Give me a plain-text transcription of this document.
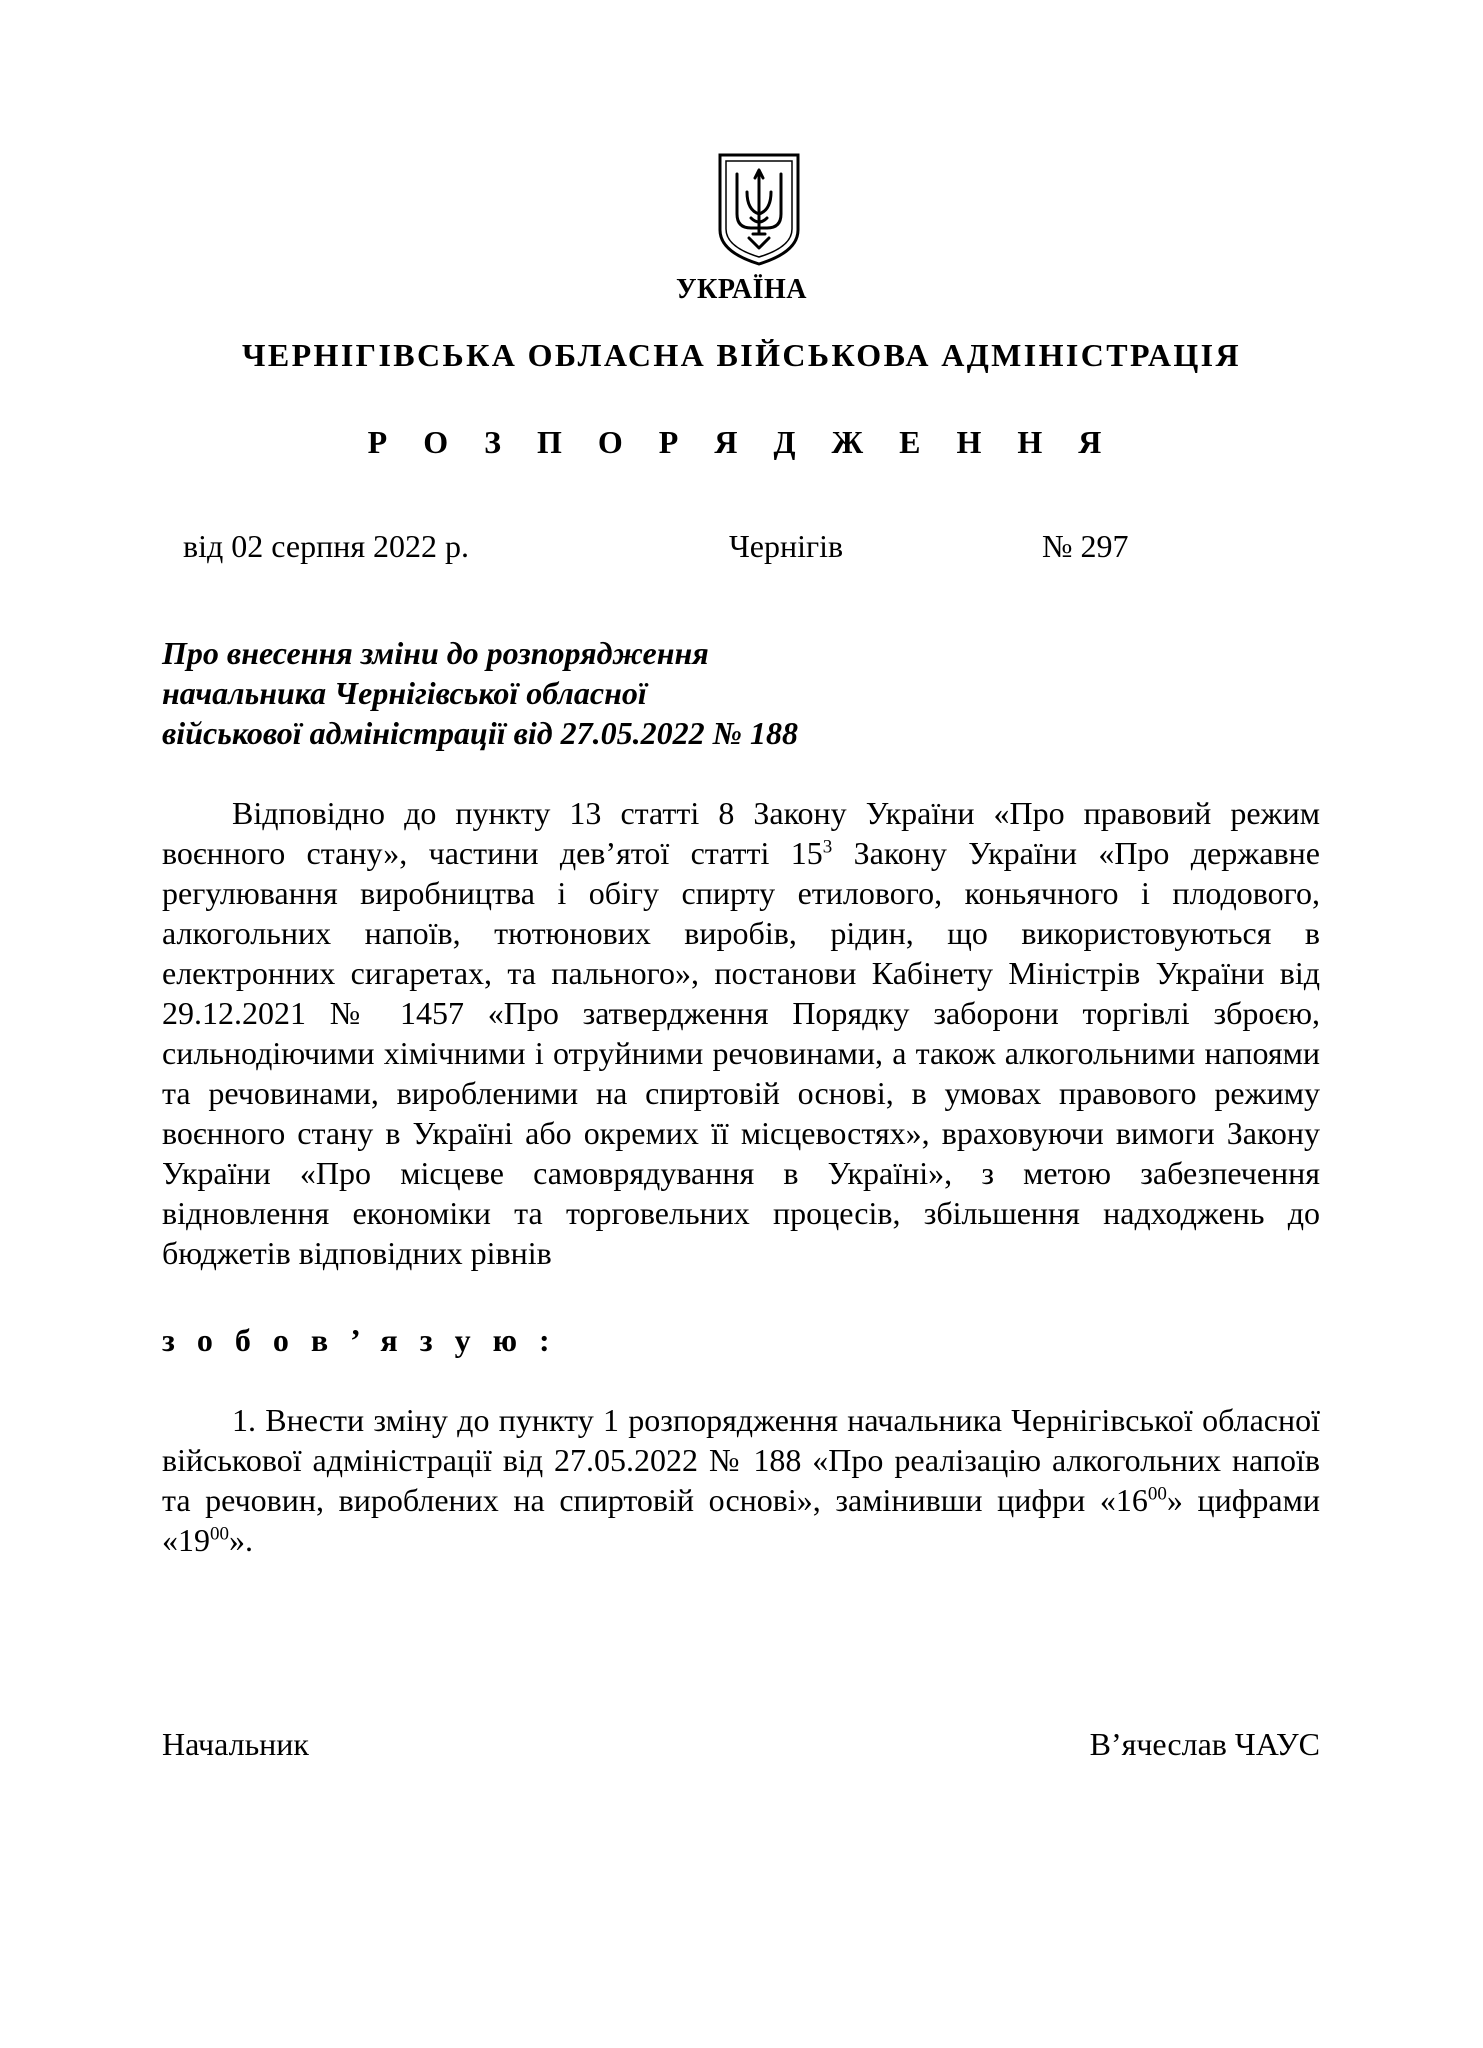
УКРАЇНА
ЧЕРНІГІВСЬКА ОБЛАСНА ВІЙСЬКОВА АДМІНІСТРАЦІЯ
Р О З П О Р Я Д Ж Е Н Н Я
від 02 серпня 2022 р.	Чернігів	№ 297
Про внесення зміни до розпорядження
начальника Чернігівської обласної
військової адміністрації від 27.05.2022 № 188

Відповідно до пункту 13 статті 8 Закону України «Про правовий режим воєнного стану», частини дев’ятої статті $15^3$ Закону України «Про державне регулювання виробництва і обігу спирту етилового, коньячного і плодового, алкогольних напоїв, тютюнових виробів, рідин, що використовуються в електронних сигаретах, та пального», постанови Кабінету Міністрів України від 29.12.2021 № 1457 «Про затвердження Порядку заборони торгівлі зброєю, сильнодіючими хімічними і отруйними речовинами, а також алкогольними напоями та речовинами, виробленими на спиртовій основі, в умовах правового режиму воєнного стану в Україні або окремих її місцевостях», враховуючи вимоги Закону України «Про місцеве самоврядування в Україні», з метою забезпечення відновлення економіки та торговельних процесів, збільшення надходжень до бюджетів відповідних рівнів

з о б о в ’ я з у ю :

1. Внести зміну до пункту 1 розпорядження начальника Чернігівської обласної військової адміністрації від 27.05.2022 № 188 «Про реалізацію алкогольних напоїв та речовин, вироблених на спиртовій основі», замінивши цифри «$16^{00}$» цифрами «$19^{00}$».

Начальник	В’ячеслав ЧАУС
